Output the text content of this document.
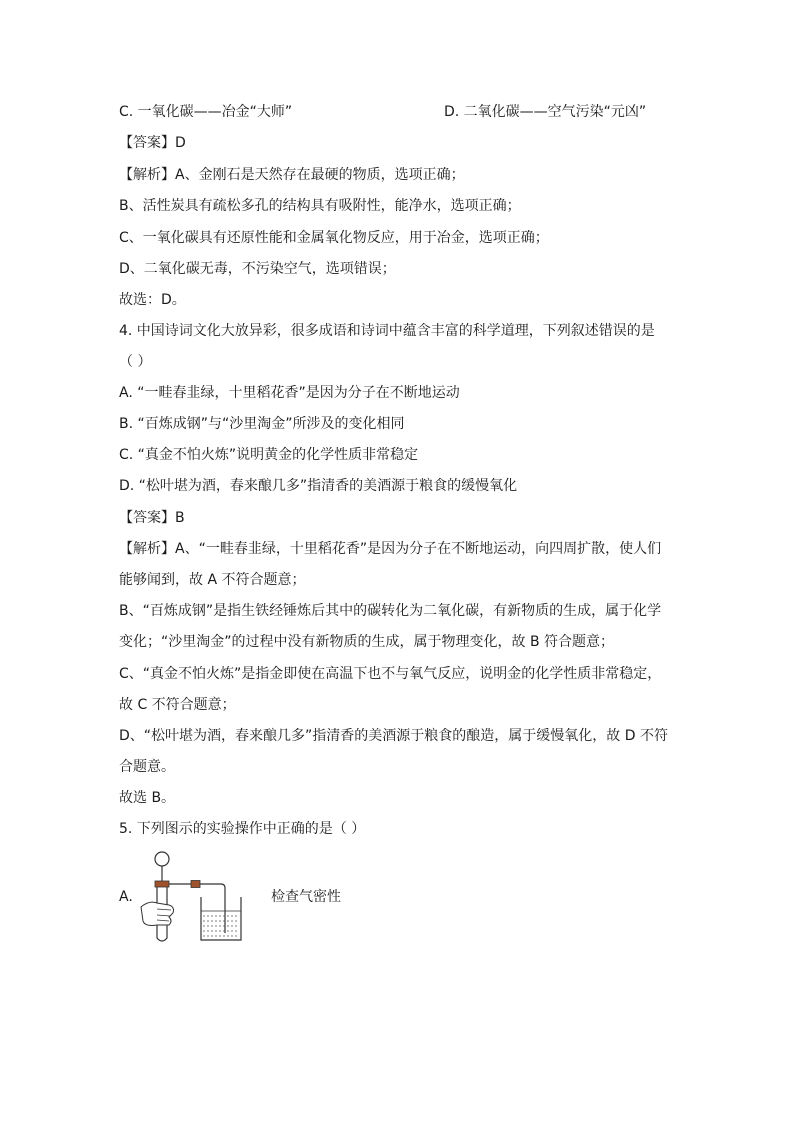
C. 一氧化碳——冶金“大师”	D. 二氧化碳——空气污染“元凶”
【答案】D
【解析】A、金刚石是天然存在最硬的物质，选项正确；
B、活性炭具有疏松多孔的结构具有吸附性，能净水，选项正确；
C、一氧化碳具有还原性能和金属氧化物反应，用于冶金，选项正确；
D、二氧化碳无毒，不污染空气，选项错误；
故选：D。
4. 中国诗词文化大放异彩，很多成语和诗词中蕴含丰富的科学道理，下列叙述错误的是
（ ）
A. “一畦春韭绿，十里稻花香”是因为分子在不断地运动
B. “百炼成钢”与“沙里淘金”所涉及的变化相同
C. “真金不怕火炼”说明黄金的化学性质非常稳定
D. “松叶堪为酒，春来酿几多”指清香的美酒源于粮食的缓慢氧化
【答案】B
【解析】A、“一畦春韭绿，十里稻花香”是因为分子在不断地运动，向四周扩散，使人们
能够闻到，故 A 不符合题意；
B、“百炼成钢”是指生铁经锤炼后其中的碳转化为二氧化碳，有新物质的生成，属于化学
变化；“沙里淘金”的过程中没有新物质的生成，属于物理变化，故 B 符合题意；
C、“真金不怕火炼”是指金即使在高温下也不与氧气反应，说明金的化学性质非常稳定，
故 C 不符合题意；
D、“松叶堪为酒，春来酿几多”指清香的美酒源于粮食的酿造，属于缓慢氧化，故 D 不符
合题意。
故选 B。
5. 下列图示的实验操作中正确的是（ ）
A.	检查气密性
